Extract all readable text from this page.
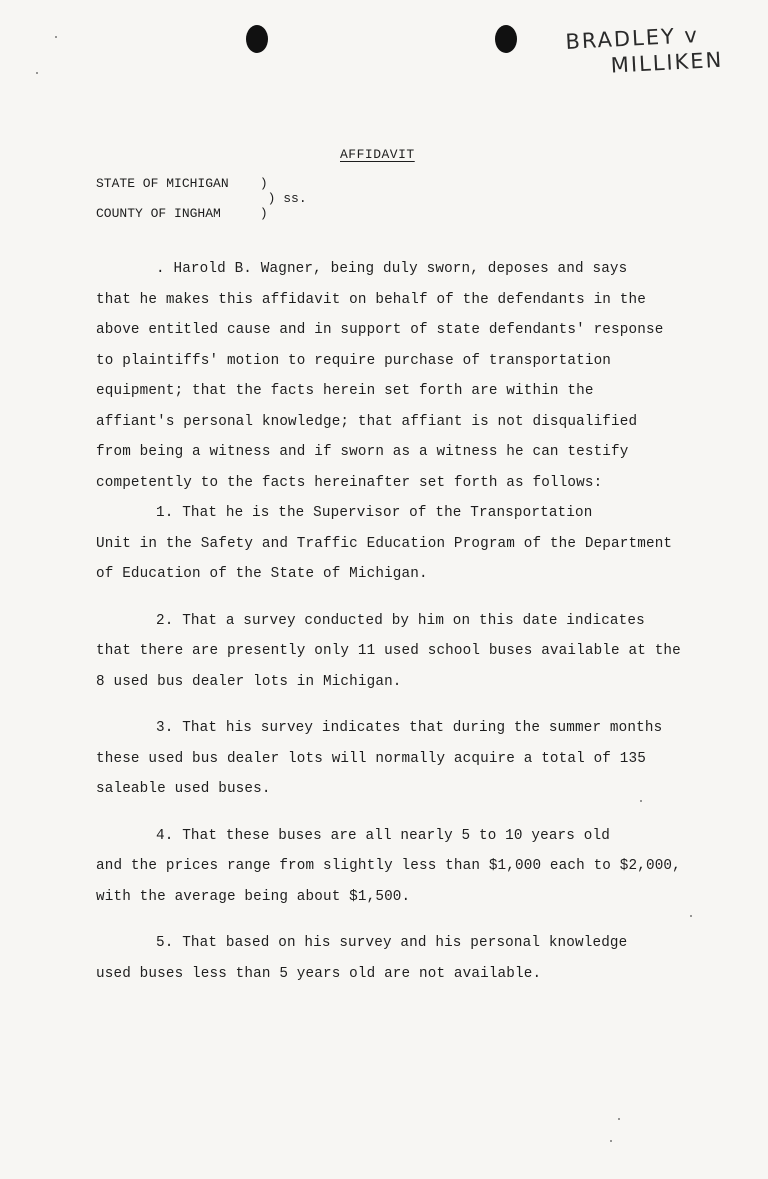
BRADLEY v
MILLIKEN
AFFIDAVIT
STATE OF MICHIGAN )
) ss.
COUNTY OF INGHAM	)

. Harold B. Wagner, being duly sworn, deposes and says
that he makes this affidavit on behalf of the defendants in the
above entitled cause and in support of state defendants' response
to plaintiffs' motion to require purchase of transportation
equipment; that the facts herein set forth are within the
affiant's personal knowledge; that affiant is not disqualified
from being a witness and if sworn as a witness he can testify
competently to the facts hereinafter set forth as follows:

1. That he is the Supervisor of the Transportation
Unit in the Safety and Traffic Education Program of the Department
of Education of the State of Michigan.

2. That a survey conducted by him on this date indicates
that there are presently only 11 used school buses available at the
8 used bus dealer lots in Michigan.

3. That his survey indicates that during the summer months
these used bus dealer lots will normally acquire a total of 135
saleable used buses.

4. That these buses are all nearly 5 to 10 years old
and the prices range from slightly less than $1,000 each to $2,000,
with the average being about $1,500.

5. That based on his survey and his personal knowledge
used buses less than 5 years old are not available.
